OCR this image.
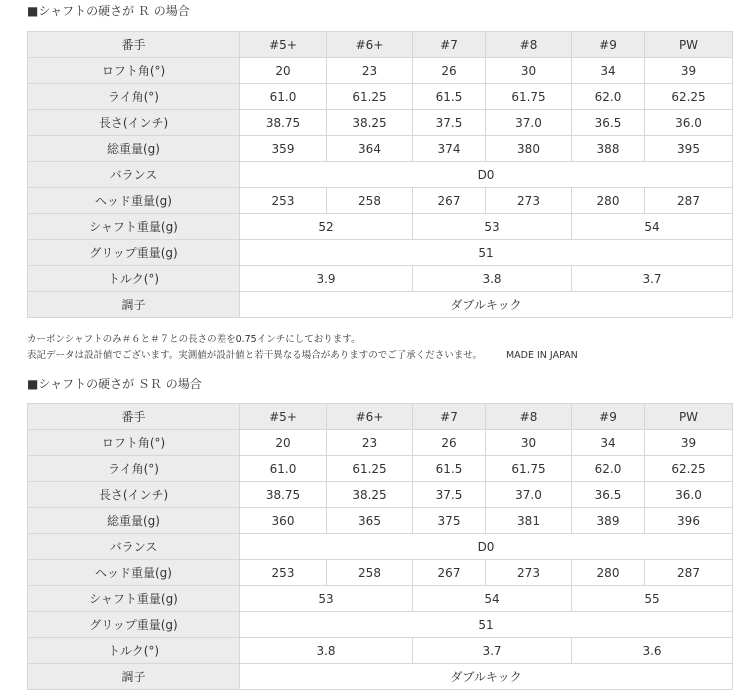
■シャフトの硬さが Ｒ の場合
番手	#5+	#6+	#7	#8	#9	PW
ロフト角(°)	20	23	26	30	34	39
ライ角(°)	61.0	61.25	61.5	61.75	62.0	62.25
長さ(インチ)	38.75	38.25	37.5	37.0	36.5	36.0
総重量(g)	359	364	374	380	388	395
バランス	D0					
ヘッド重量(g)	253	258	267	273	280	287
シャフト重量(g)	52		53		54	
グリップ重量(g)	51					
トルク(°)	3.9		3.8		3.7	
調子	ダブルキック					
カーボンシャフトのみ＃６と＃７との長さの差を0.75インチにしております。
表記データは設計値でございます。実測値が設計値と若干異なる場合がありますのでご了承くださいませ。	MADE IN JAPAN
■シャフトの硬さが ＳＲ の場合
番手	#5+	#6+	#7	#8	#9	PW
ロフト角(°)	20	23	26	30	34	39
ライ角(°)	61.0	61.25	61.5	61.75	62.0	62.25
長さ(インチ)	38.75	38.25	37.5	37.0	36.5	36.0
総重量(g)	360	365	375	381	389	396
バランス	D0					
ヘッド重量(g)	253	258	267	273	280	287
シャフト重量(g)	53		54		55	
グリップ重量(g)	51					
トルク(°)	3.8		3.7		3.6	
調子	ダブルキック					
